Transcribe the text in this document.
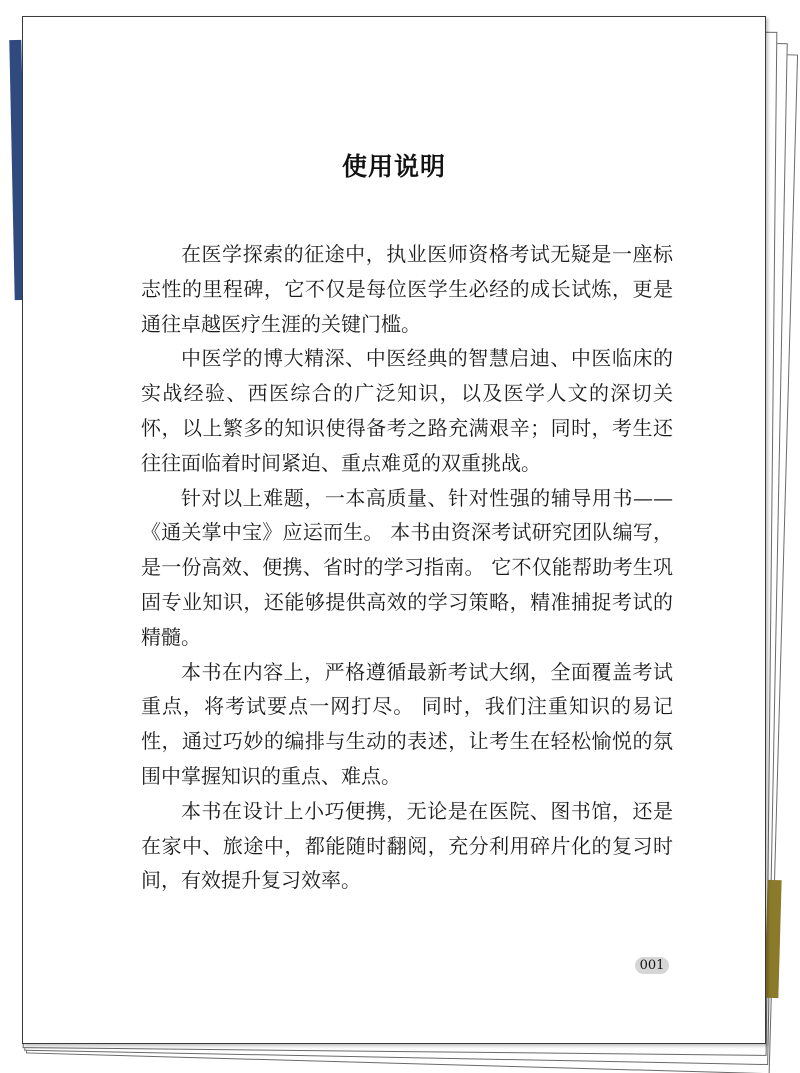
使用说明

在医学探索的征途中，执业医师资格考试无疑是一座标志性的里程碑，它不仅是每位医学生必经的成长试炼，更是通往卓越医疗生涯的关键门槛。

中医学的博大精深、中医经典的智慧启迪、中医临床的实战经验、西医综合的广泛知识，以及医学人文的深切关怀，以上繁多的知识使得备考之路充满艰辛；同时，考生还往往面临着时间紧迫、重点难觅的双重挑战。

针对以上难题，一本高质量、针对性强的辅导用书——《通关掌中宝》应运而生。 本书由资深考试研究团队编写，是一份高效、便携、省时的学习指南。 它不仅能帮助考生巩固专业知识，还能够提供高效的学习策略，精准捕捉考试的精髓。

本书在内容上，严格遵循最新考试大纲，全面覆盖考试重点，将考试要点一网打尽。 同时，我们注重知识的易记性，通过巧妙的编排与生动的表述，让考生在轻松愉悦的氛围中掌握知识的重点、难点。

本书在设计上小巧便携，无论是在医院、图书馆，还是在家中、旅途中，都能随时翻阅，充分利用碎片化的复习时间，有效提升复习效率。

001
